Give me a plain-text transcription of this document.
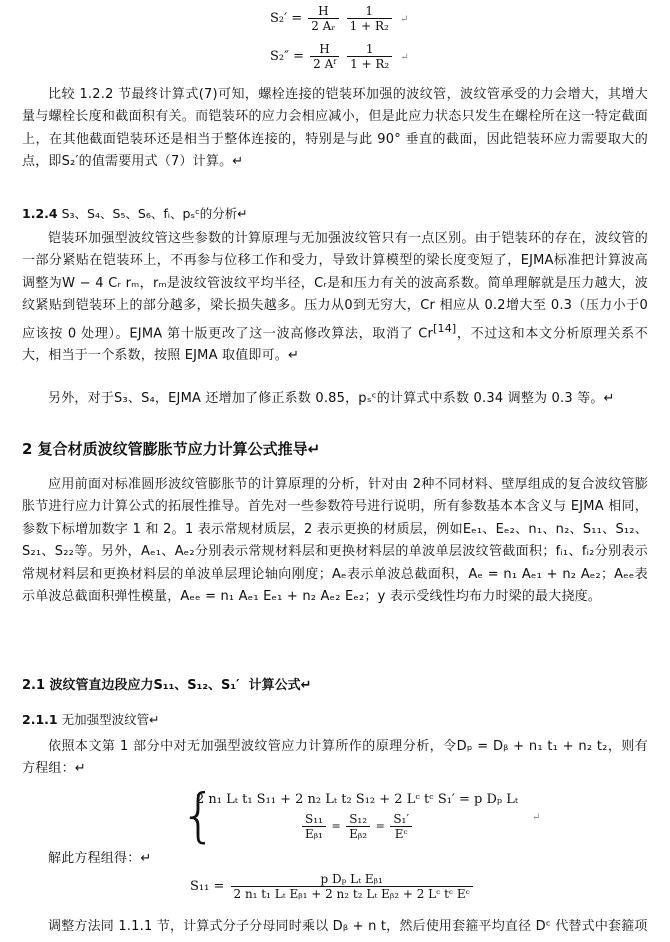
$S_2' = \frac{H}{\text{2 Aᵣ}}$
$\frac{1}{\text{1 + R₂}}$ ↵
$S_2'' = \frac{H}{\text{2 Aᶠ}}$
$\frac{1}{\text{1 + R₂}}$ ↵
比较 1.2.2 节最终计算式(7)可知，螺栓连接的铠装环加强的波纹管，波纹管承受的力会增大，其增大量与螺栓长度和截面积有关。而铠装环的应力会相应减小，但是此应力状态只发生在螺栓所在这一特定截面上，在其他截面铠装环还是相当于整体连接的，特别是与此 90° 垂直的截面，因此铠装环应力需要取大的点，即S₂′的值需要用式（7）计算。↵
1.2.4 S₃、S₄、S₅、S₆、fᵢ、pₛᶜ的分析↵
铠装环加强型波纹管这些参数的计算原理与无加强波纹管只有一点区别。由于铠装环的存在，波纹管的一部分紧贴在铠装环上，不再参与位移工作和受力，导致计算模型的梁长度变短了，EJMA标准把计算波高调整为W − 4 Cᵣ rₘ，rₘ是波纹管波纹平均半径，Cᵣ是和压力有关的波高系数。简单理解就是压力越大，波纹紧贴到铠装环上的部分越多，梁长损失越多。压力从0到无穷大，Cr 相应从 0.2增大至 0.3（压力小于0应该按 0 处理）。EJMA 第十版更改了这一波高修改算法，取消了 Cr[14]，不过这和本文分析原理关系不大，相当于一个系数，按照 EJMA 取值即可。↵
另外，对于S₃、S₄，EJMA 还增加了修正系数 0.85，pₛᶜ的计算式中系数 0.34 调整为 0.3 等。↵
2 复合材质波纹管膨胀节应力计算公式推导↵
应用前面对标准圆形波纹管膨胀节的计算原理的分析，针对由 2种不同材料、壁厚组成的复合波纹管膨胀节进行应力计算公式的拓展性推导。首先对一些参数符号进行说明，所有参数基本本含义与 EJMA 相同，参数下标增加数字 1 和 2。1 表示常规材质层，2 表示更换的材质层，例如Eₑ₁、Eₑ₂、n₁、n₂、S₁₁、S₁₂、S₂₁、S₂₂等。另外，Aₑ₁、Aₑ₂分别表示常规材料层和更换材料层的单波单层波纹管截面积；fᵢ₁、fᵢ₂分别表示常规材料层和更换材料层的单波单层理论轴向刚度；Aₑ表示单波总截面积，Aₑ = n₁ Aₑ₁ + n₂ Aₑ₂；Aₑₑ表示单波总截面积弹性模量，Aₑₑ = n₁ Aₑ₁ Eₑ₁ + n₂ Aₑ₂ Eₑ₂；y 表示受线性均布力时梁的最大挠度。
2.1 波纹管直边段应力S₁₁、S₁₂、S₁′  计算公式↵
2.1.1 无加强型波纹管↵
依照本文第 1 部分中对无加强型波纹管应力计算所作的原理分析，令Dₚ = Dᵦ + n₁ t₁ + n₂ t₂，则有方程组：↵
{
2 n₁ Lₜ t₁ S₁₁ + 2 n₂ Lₜ t₂ S₁₂ + 2 Lᶜ tᶜ S₁′ = p Dₚ Lₜ
$\frac{\text{S₁₁}}{\text{Eᵦ₁}} = \frac{\text{S₁₂}}{\text{Eᵦ₂}} = \frac{\text{S₁′}}{\text{Eᶜ}}$	↵
解此方程组得：↵
$S_{11} = \frac{\text{p Dₚ Lₜ Eᵦ₁}}{\text{2 n₁ t₁ Lₜ Eᵦ₁ + 2 n₂ t₂ Lₜ Eᵦ₂ + 2 Lᶜ tᶜ Eᶜ}}$
调整方法同 1.1.1 节，计算式分子分母同时乘以 Dᵦ + n t，然后使用套箍平均直径 Dᶜ 代替式中套箍项
